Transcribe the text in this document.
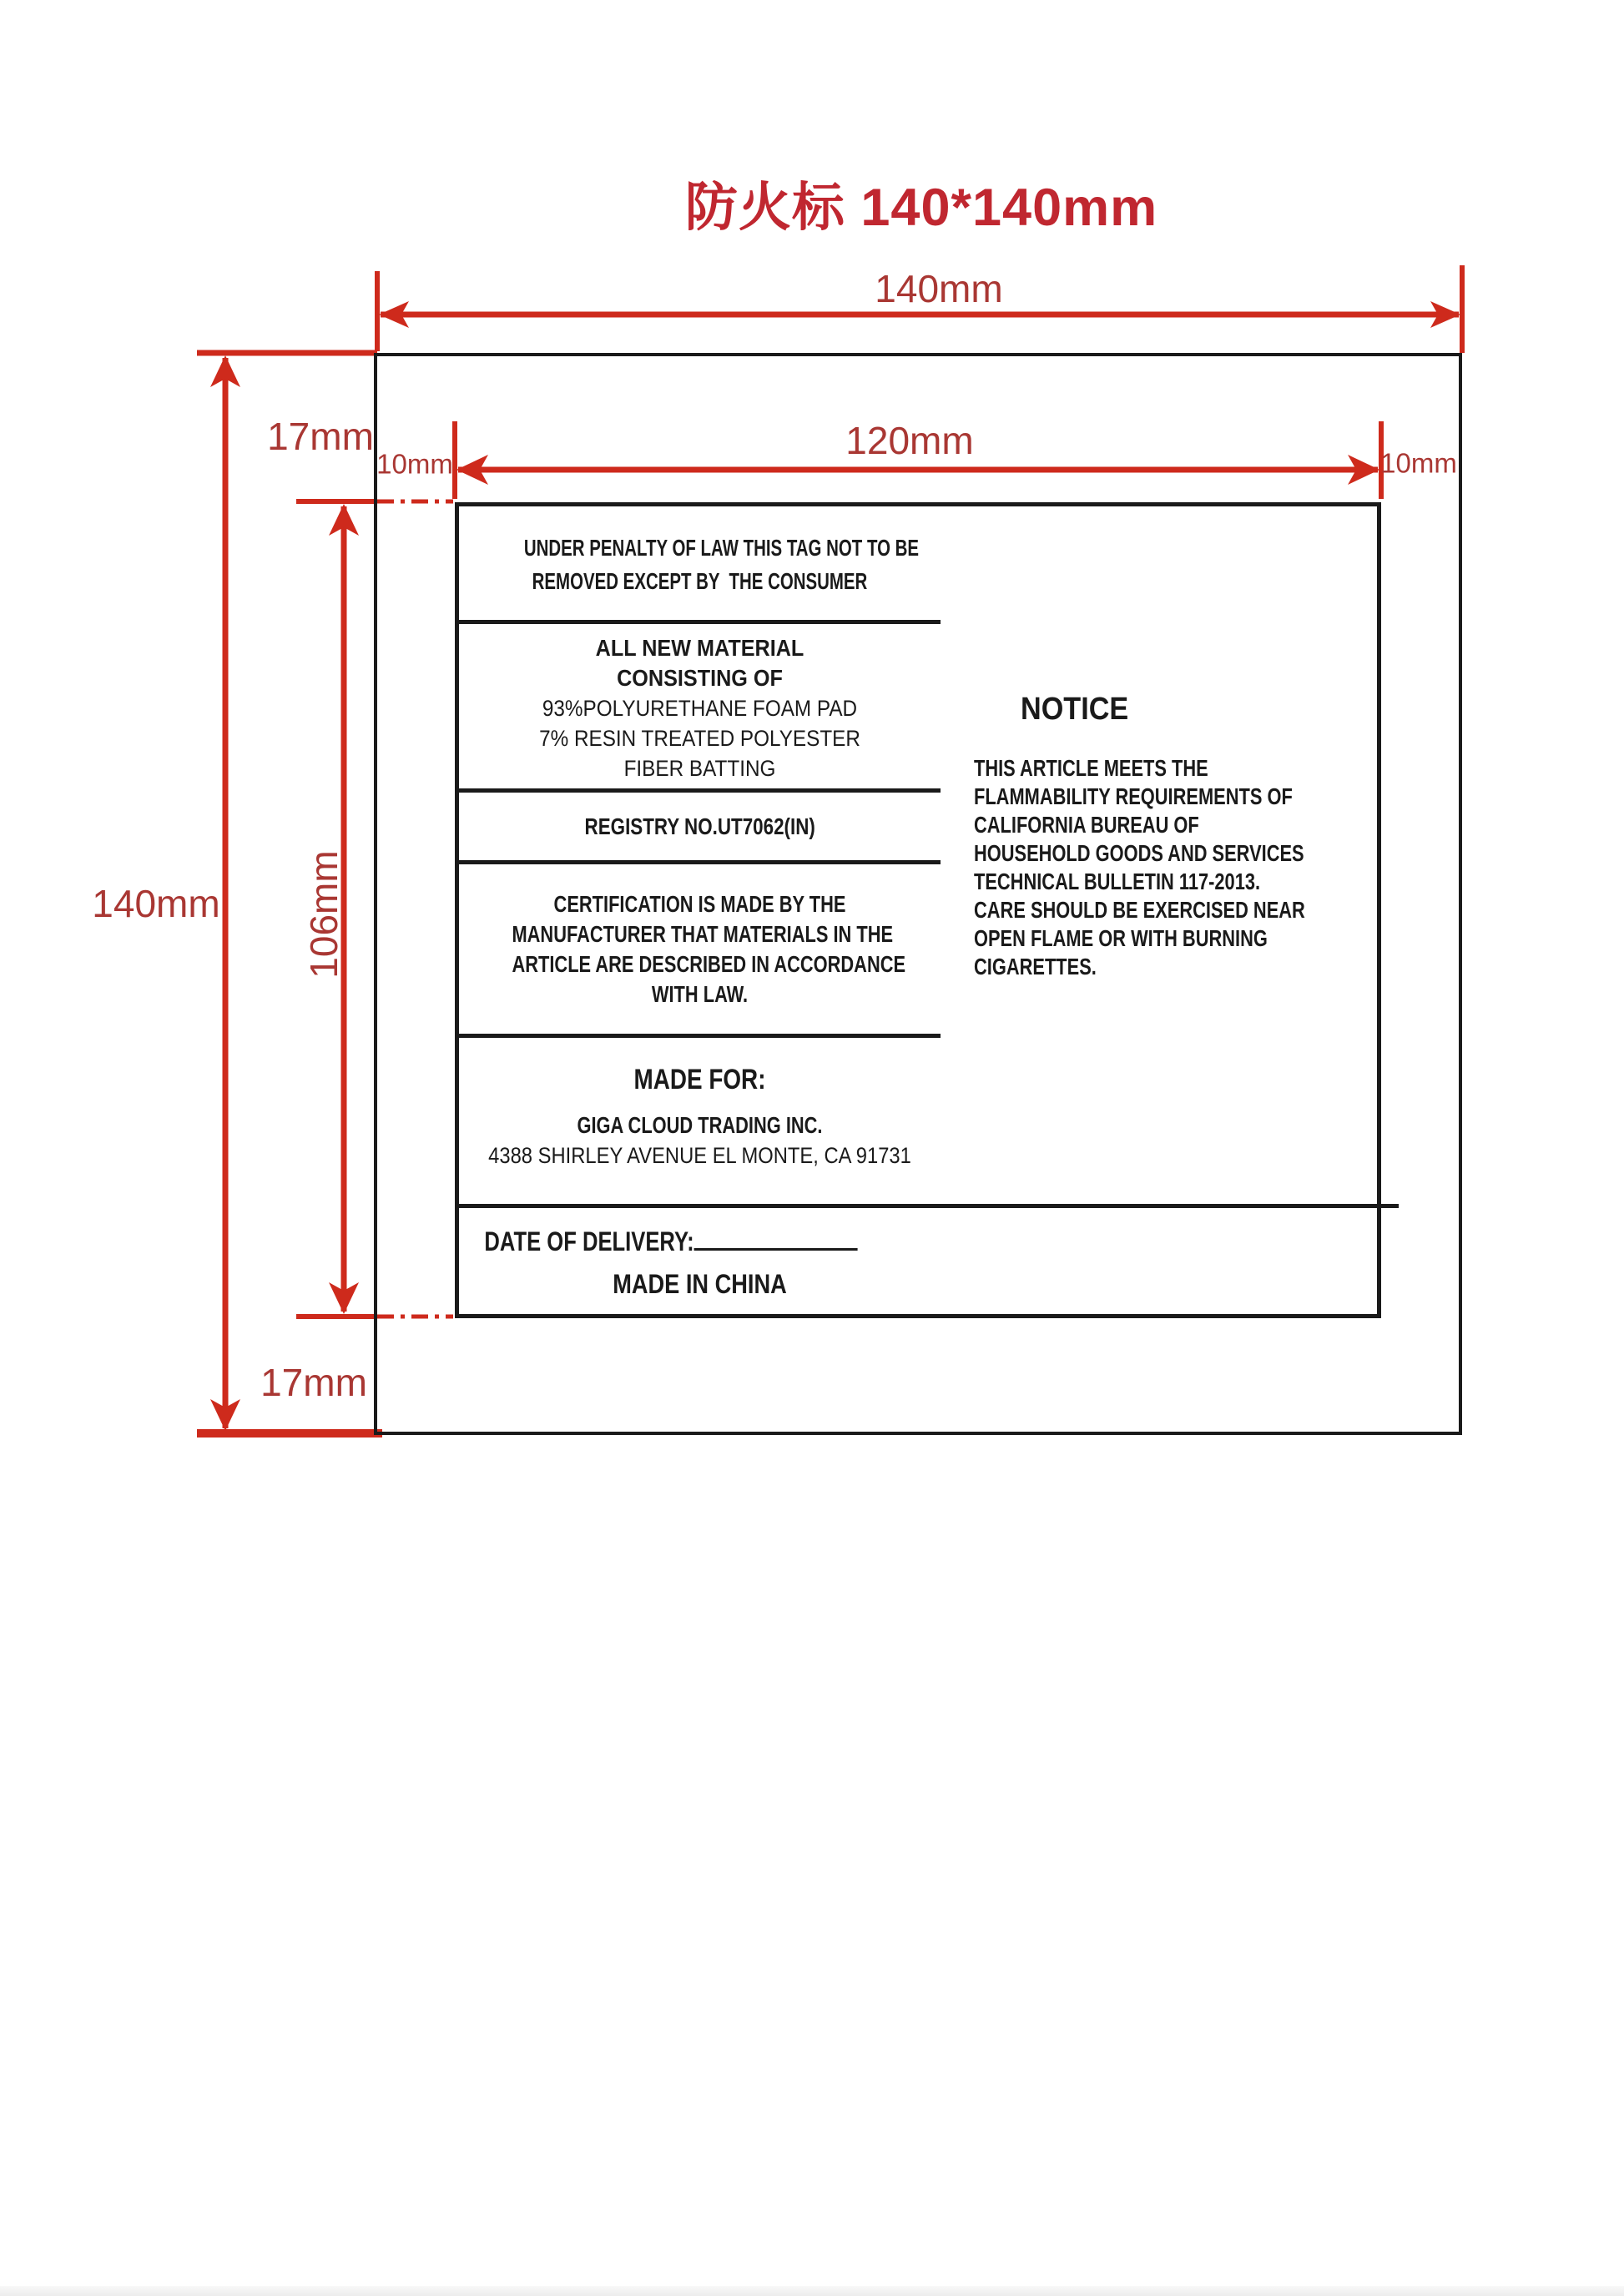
防火标 140*140mm
140mm
120mm
10mm	10mm
17mm
17mm
140mm 106mm
UNDER PENALTY OF LAW THIS TAG NOT TO BE
REMOVED EXCEPT BY  THE CONSUMER
ALL NEW MATERIAL
CONSISTING OF
93%POLYURETHANE FOAM PAD
7% RESIN TREATED POLYESTER
FIBER BATTING
REGISTRY NO.UT7062(IN)
CERTIFICATION IS MADE BY THE
MANUFACTURER THAT MATERIALS IN THE
ARTICLE ARE DESCRIBED IN ACCORDANCE
WITH LAW.
MADE FOR:
GIGA CLOUD TRADING INC.
4388 SHIRLEY AVENUE EL MONTE, CA 91731
DATE OF DELIVERY:
MADE IN CHINA
NOTICE
THIS ARTICLE MEETS THE
FLAMMABILITY REQUIREMENTS OF
CALIFORNIA BUREAU OF
HOUSEHOLD GOODS AND SERVICES
TECHNICAL BULLETIN 117-2013.
CARE SHOULD BE EXERCISED NEAR
OPEN FLAME OR WITH BURNING
CIGARETTES.
